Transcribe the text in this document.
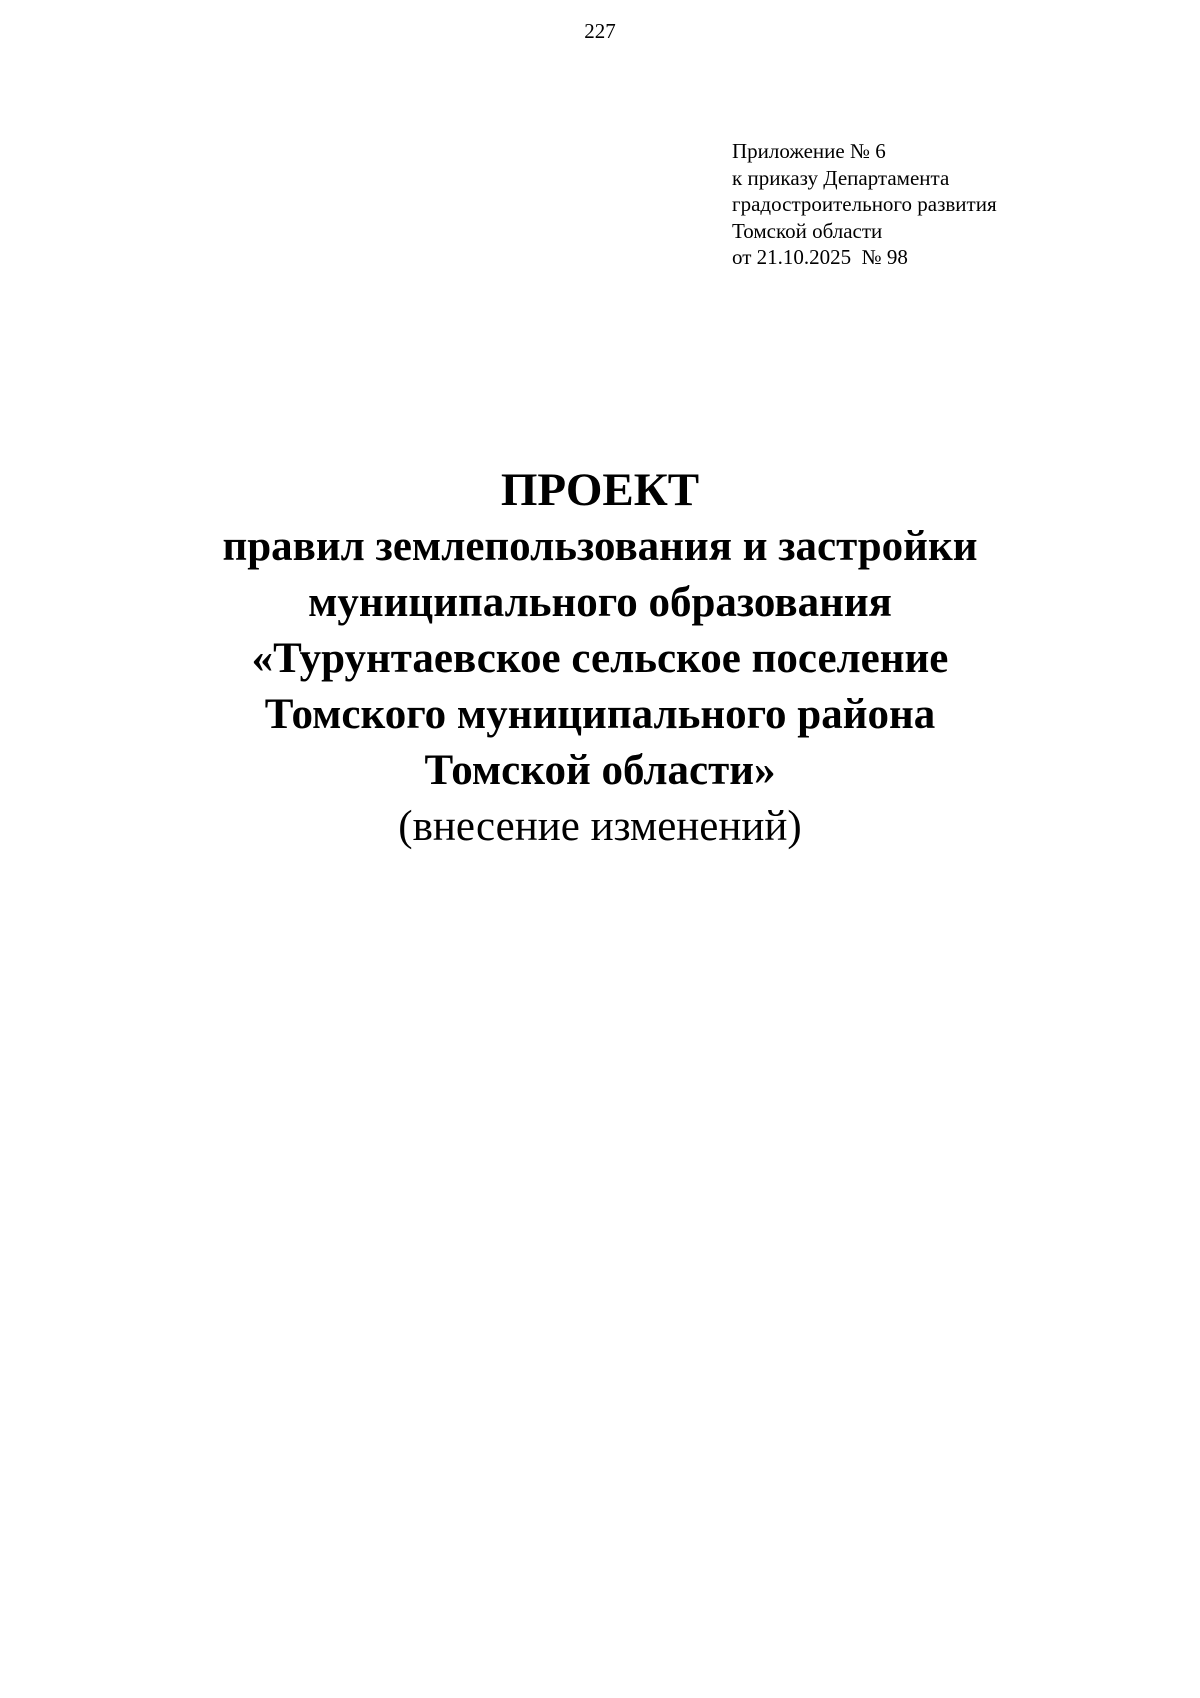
227
Приложение № 6
к приказу Департамента
градостроительного развития
Томской области
от 21.10.2025  № 98
ПРОЕКТ
правил землепользования и застройки
муниципального образования
«Турунтаевское сельское поселение
Томского муниципального района
Томской области»
(внесение изменений)
